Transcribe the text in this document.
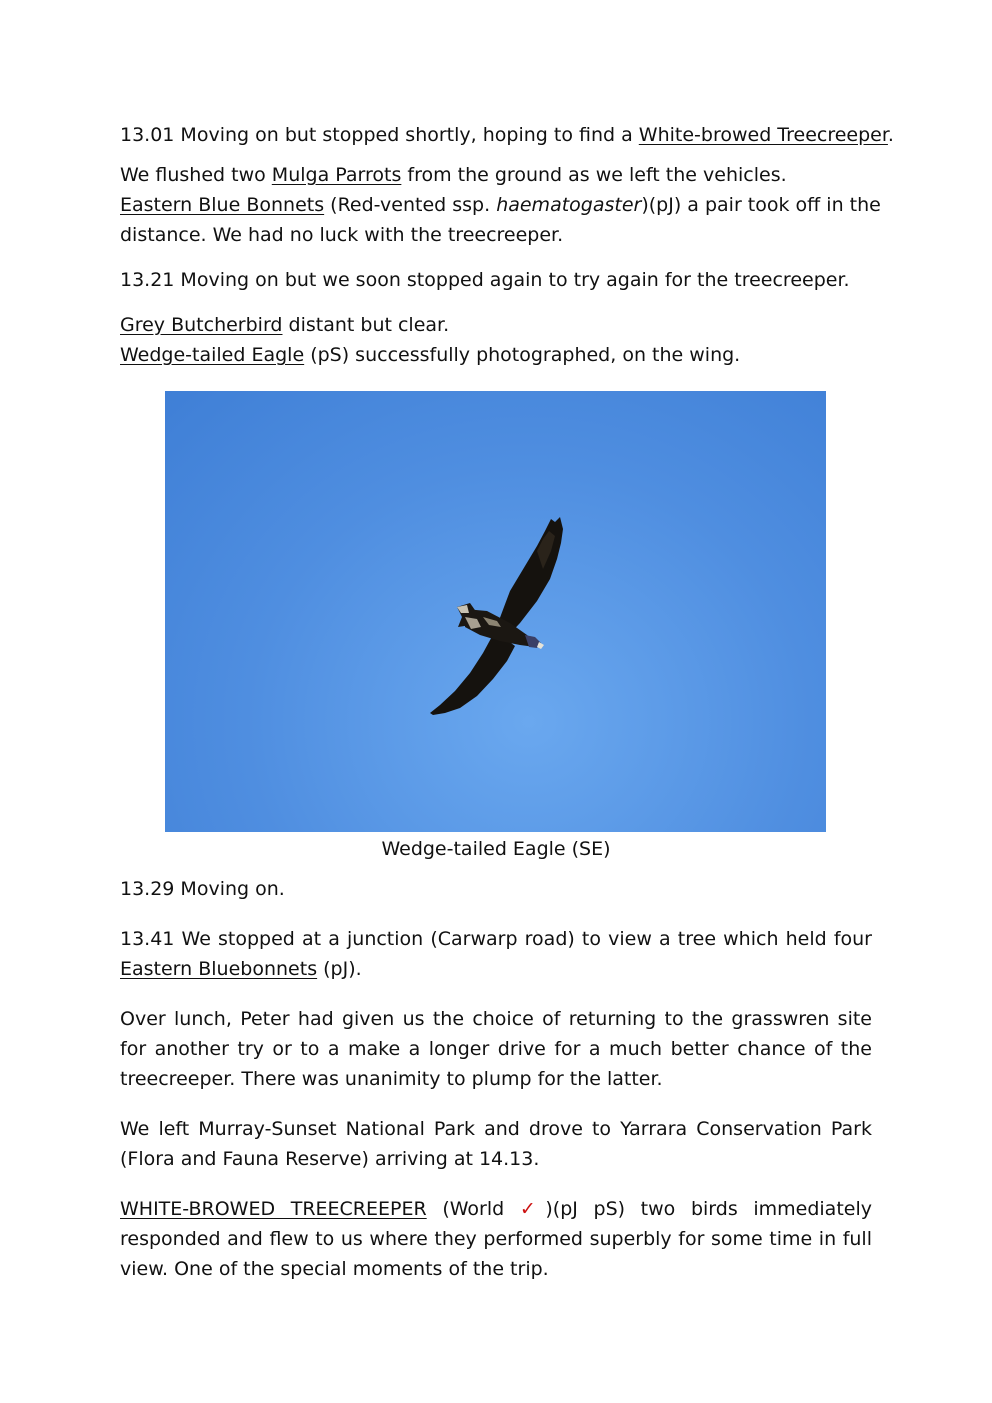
13.01 Moving on but stopped shortly, hoping to find a White-browed Treecreeper.

We flushed two Mulga Parrots from the ground as we left the vehicles.
Eastern Blue Bonnets (Red-vented ssp. haematogaster)(pJ) a pair took off in the
distance. We had no luck with the treecreeper.

13.21 Moving on but we soon stopped again to try again for the treecreeper.

Grey Butcherbird distant but clear.
Wedge-tailed Eagle (pS) successfully photographed, on the wing.

Wedge-tailed Eagle (SE)

13.29 Moving on.

13.41 We stopped at a junction (Carwarp road) to view a tree which held four
Eastern Bluebonnets (pJ).

Over lunch, Peter had given us the choice of returning to the grasswren site for another try or to a make a longer drive for a much better chance of the treecreeper. There was unanimity to plump for the latter.

We left Murray-Sunset National Park and drove to Yarrara Conservation Park (Flora and Fauna Reserve) arriving at 14.13.

WHITE-BROWED TREECREEPER (World ✓)(pJ pS) two birds immediately responded and flew to us where they performed superbly for some time in full view. One of the special moments of the trip.
